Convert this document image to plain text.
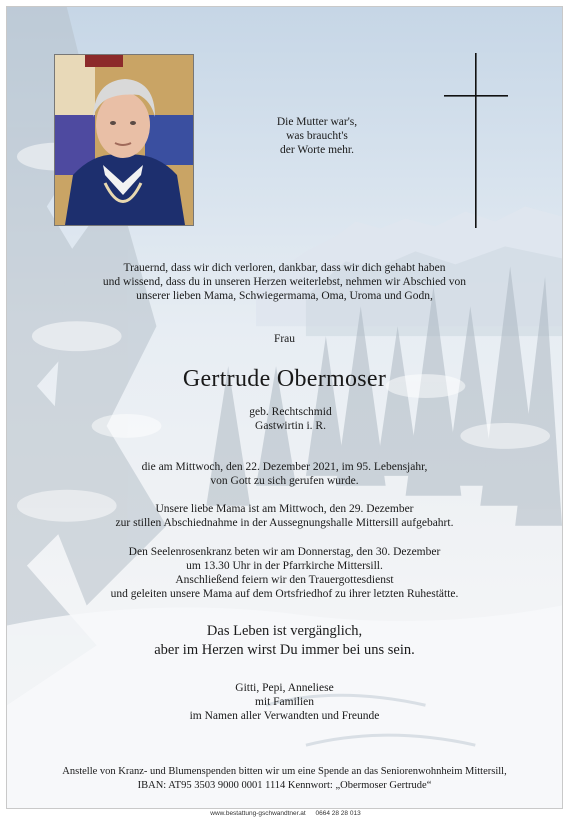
Die Mutter war's,
was braucht's
der Worte mehr.
Trauernd, dass wir dich verloren, dankbar, dass wir dich gehabt haben
und wissend, dass du in unseren Herzen weiterlebst, nehmen wir Abschied von
unserer lieben Mama, Schwiegermama, Oma, Uroma und Godn,
Frau
Gertrude Obermoser
geb. Rechtschmid
Gastwirtin i. R.
die am Mittwoch, den 22. Dezember 2021, im 95. Lebensjahr,
von Gott zu sich gerufen wurde.
Unsere liebe Mama ist am Mittwoch, den 29. Dezember
zur stillen Abschiednahme in der Aussegnungshalle Mittersill aufgebahrt.
Den Seelenrosenkranz beten wir am Donnerstag, den 30. Dezember
um 13.30 Uhr in der Pfarrkirche Mittersill.
Anschließend feiern wir den Trauergottesdienst
und geleiten unsere Mama auf dem Ortsfriedhof zu ihrer letzten Ruhestätte.
Das Leben ist vergänglich,
aber im Herzen wirst Du immer bei uns sein.
Gitti, Pepi, Anneliese
mit Familien
im Namen aller Verwandten und Freunde
Anstelle von Kranz- und Blumenspenden bitten wir um eine Spende an das Seniorenwohnheim Mittersill,
IBAN: AT95 3503 9000 0001 1114 Kennwort: „Obermoser Gertrude“
www.bestattung-gschwandtner.at 0664 28 28 013
